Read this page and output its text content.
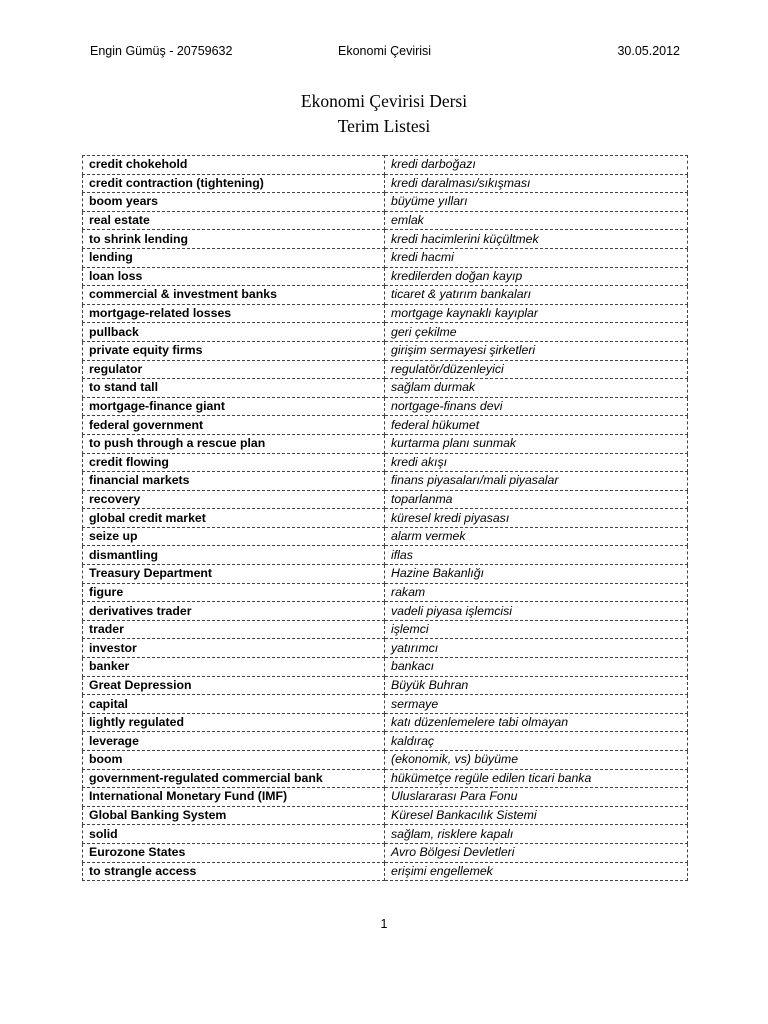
Engin Gümüş - 20759632	Ekonomi Çevirisi	30.05.2012
Ekonomi Çevirisi Dersi
Terim Listesi
credit chokehold	kredi darboğazı
credit contraction (tightening)	kredi daralması/sıkışması
boom years	büyüme yılları
real estate	emlak
to shrink lending	kredi hacimlerini küçültmek
lending	kredi hacmi
loan loss	kredilerden doğan kayıp
commercial & investment banks	ticaret & yatırım bankaları
mortgage-related losses	mortgage kaynaklı kayıplar
pullback	geri çekilme
private equity firms	girişim sermayesi şirketleri
regulator	regulatör/düzenleyici
to stand tall	sağlam durmak
mortgage-finance giant	nortgage-finans devi
federal government	federal hükumet
to push through a rescue plan	kurtarma planı sunmak
credit flowing	kredi akışı
financial markets	finans piyasaları/mali piyasalar
recovery	toparlanma
global credit market	küresel kredi piyasası
seize up	alarm vermek
dismantling	iflas
Treasury Department	Hazine Bakanlığı
figure	rakam
derivatives trader	vadeli piyasa işlemcisi
trader	işlemci
investor	yatırımcı
banker	bankacı
Great Depression	Büyük Buhran
capital	sermaye
lightly regulated	katı düzenlemelere tabi olmayan
leverage	kaldıraç
boom	(ekonomik, vs) büyüme
government-regulated commercial bank	hükümetçe regüle edilen ticari banka
International Monetary Fund (IMF)	Uluslararası Para Fonu
Global Banking System	Küresel Bankacılık Sistemi
solid	sağlam, risklere kapalı
Eurozone States	Avro Bölgesi Devletleri
to strangle access	erişimi engellemek
1
